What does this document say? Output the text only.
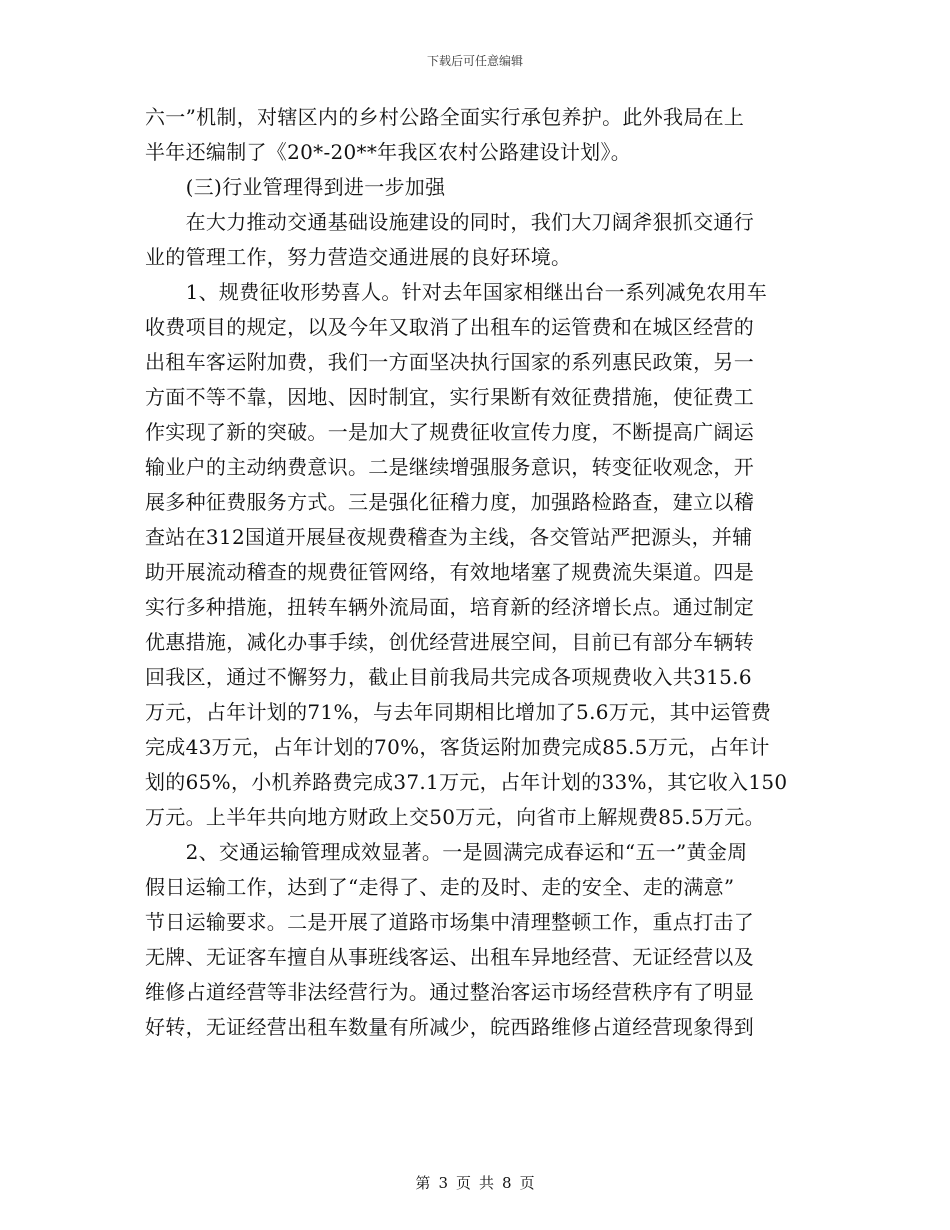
下载后可任意编辑
六一”机制，对辖区内的乡村公路全面实行承包养护。此外我局在上
半年还编制了《20*-20**年我区农村公路建设计划》。
　　(三)行业管理得到进一步加强
　　在大力推动交通基础设施建设的同时，我们大刀阔斧狠抓交通行
业的管理工作，努力营造交通进展的良好环境。
　　1、规费征收形势喜人。针对去年国家相继出台一系列减免农用车
收费项目的规定，以及今年又取消了出租车的运管费和在城区经营的
出租车客运附加费，我们一方面坚决执行国家的系列惠民政策，另一
方面不等不靠，因地、因时制宜，实行果断有效征费措施，使征费工
作实现了新的突破。一是加大了规费征收宣传力度，不断提高广阔运
输业户的主动纳费意识。二是继续增强服务意识，转变征收观念，开
展多种征费服务方式。三是强化征稽力度，加强路检路查，建立以稽
查站在312国道开展昼夜规费稽查为主线，各交管站严把源头，并辅
助开展流动稽查的规费征管网络，有效地堵塞了规费流失渠道。四是
实行多种措施，扭转车辆外流局面，培育新的经济增长点。通过制定
优惠措施，减化办事手续，创优经营进展空间，目前已有部分车辆转
回我区，通过不懈努力，截止目前我局共完成各项规费收入共315.6
万元，占年计划的71%，与去年同期相比增加了5.6万元，其中运管费
完成43万元，占年计划的70%，客货运附加费完成85.5万元，占年计
划的65%，小机养路费完成37.1万元，占年计划的33%，其它收入150
万元。上半年共向地方财政上交50万元，向省市上解规费85.5万元。
　　2、交通运输管理成效显著。一是圆满完成春运和“五一”黄金周
假日运输工作，达到了“走得了、走的及时、走的安全、走的满意”
节日运输要求。二是开展了道路市场集中清理整顿工作，重点打击了
无牌、无证客车擅自从事班线客运、出租车异地经营、无证经营以及
维修占道经营等非法经营行为。通过整治客运市场经营秩序有了明显
好转，无证经营出租车数量有所减少，皖西路维修占道经营现象得到
第 3 页 共 8 页
